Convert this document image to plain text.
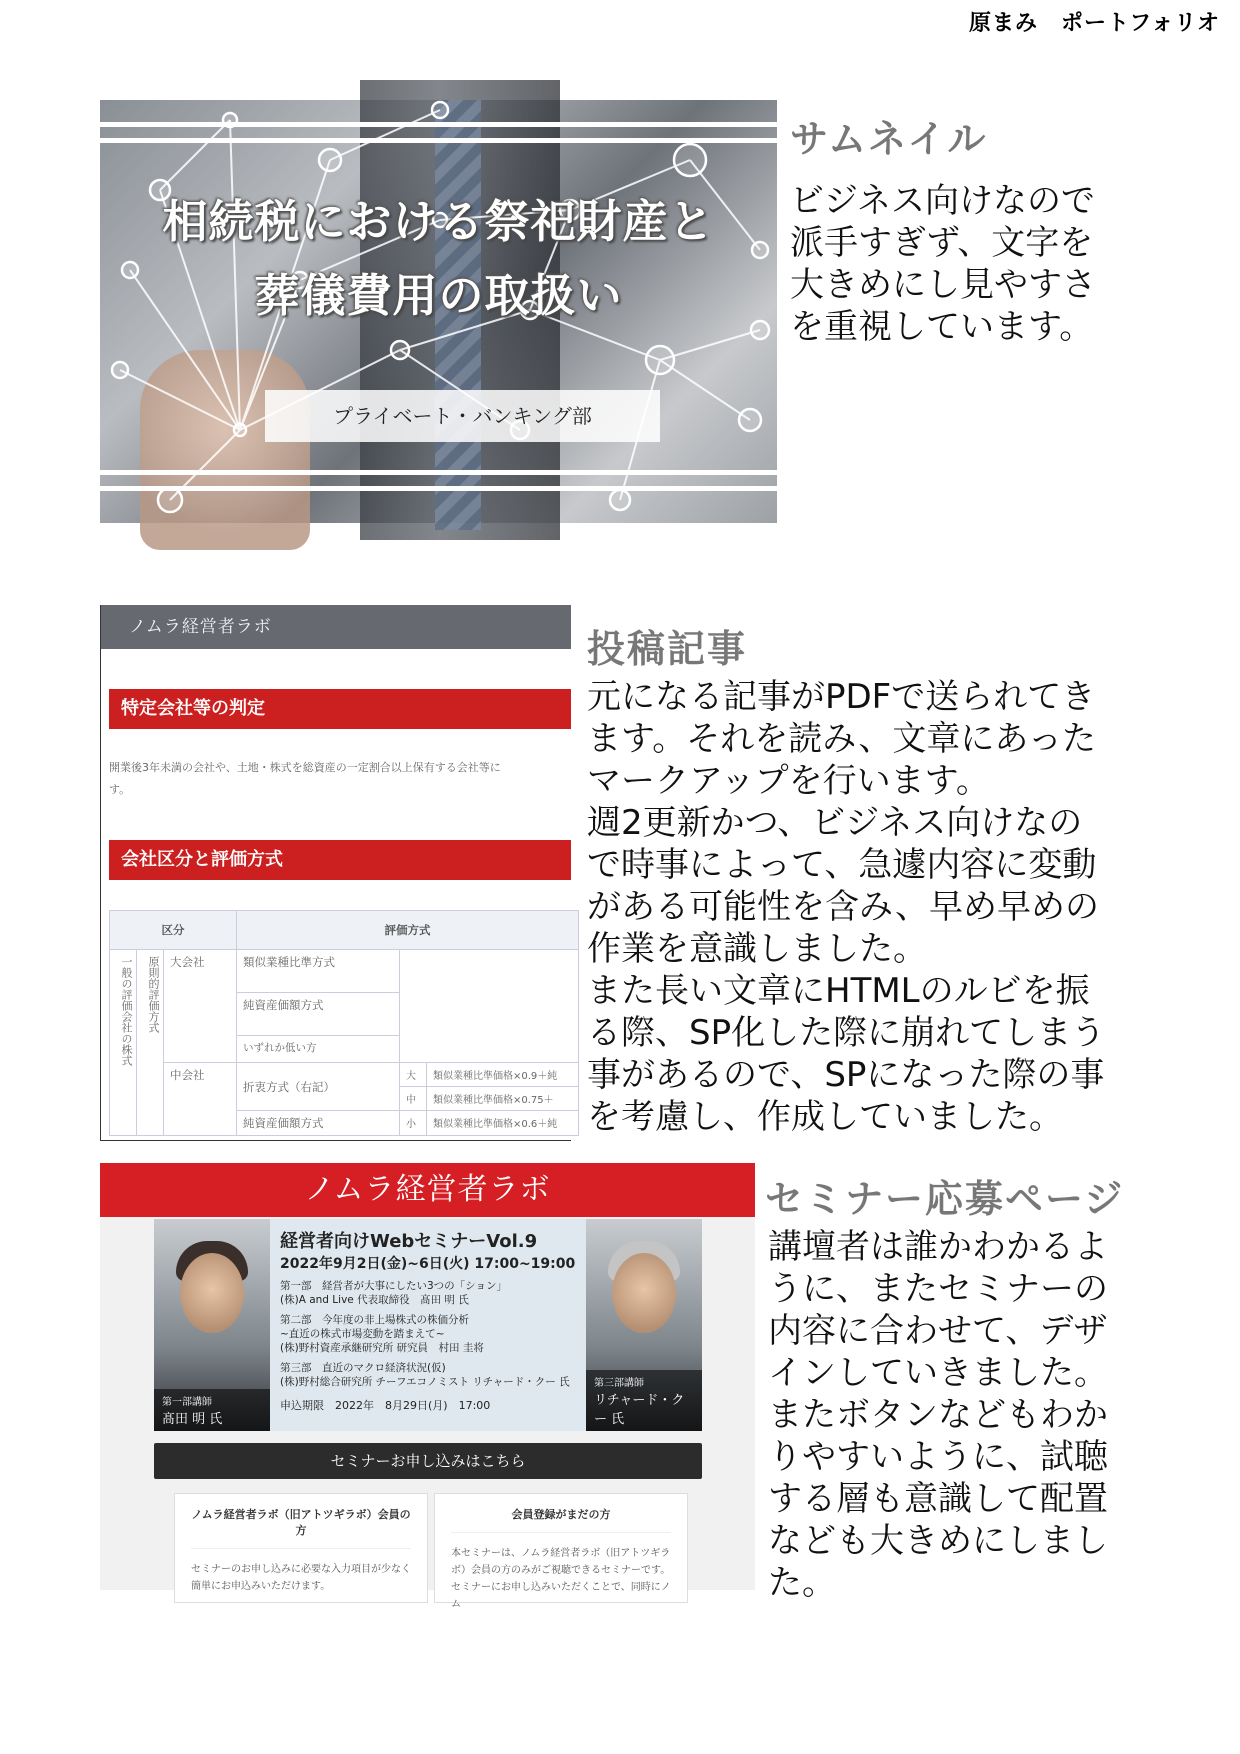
原まみ　ポートフォリオ
相続税における祭祀財産と
葬儀費用の取扱い
プライベート・バンキング部
サムネイル
ビジネス向けなので
派手すぎず、文字を
大きめにし見やすさ
を重視しています。
ノムラ経営者ラボ
特定会社等の判定
開業後3年未満の会社や、土地・株式を総資産の一定割合以上保有する会社等に
す。
会社区分と評価方式
区分			評価方式		
一般の評価会社の株式	原則的評価方式	大会社	類似業種比準方式		
			純資産価額方式		
			いずれか低い方		
		中会社	折衷方式（右記）	大	類似業種比準価格×0.9＋純
				中	類似業種比準価格×0.75＋
			純資産価額方式	小	類似業種比準価格×0.6＋純
投稿記事
元になる記事がPDFで送られてき
ます。それを読み、文章にあった
マークアップを行います。
週2更新かつ、ビジネス向けなの
で時事によって、急遽内容に変動
がある可能性を含み、早め早めの
作業を意識しました。
また長い文章にHTMLのルビを振
る際、SP化した際に崩れてしまう
事があるので、SPになった際の事
を考慮し、作成していました。
ノムラ経営者ラボ
第一部講師
髙田 明 氏
経営者向けWebセミナーVol.9
2022年9月2日(金)~6日(火) 17:00~19:00
第一部　経営者が大事にしたい3つの「ション」
(株)A and Live 代表取締役　髙田 明 氏
第二部　今年度の非上場株式の株価分析
~直近の株式市場変動を踏まえて~
(株)野村資産承継研究所 研究員　村田 圭将
第三部　直近のマクロ経済状況(仮)
(株)野村総合研究所 チーフエコノミスト リチャード・クー 氏
申込期限　2022年　8月29日(月)　17:00
第三部講師
リチャード・クー 氏
セミナーお申し込みはこちら
ノムラ経営者ラボ（旧アトツギラボ）会員の方
セミナーのお申し込みに必要な入力項目が少なく簡単にお申込みいただけます。
会員登録がまだの方
本セミナーは、ノムラ経営者ラボ（旧アトツギラボ）会員の方のみがご視聴できるセミナーです。セミナーにお申し込みいただくことで、同時にノム
セミナー応募ページ
講壇者は誰かわかるよ
うに、またセミナーの
内容に合わせて、デザ
インしていきました。
またボタンなどもわか
りやすいように、試聴
する層も意識して配置
なども大きめにしまし
た。
